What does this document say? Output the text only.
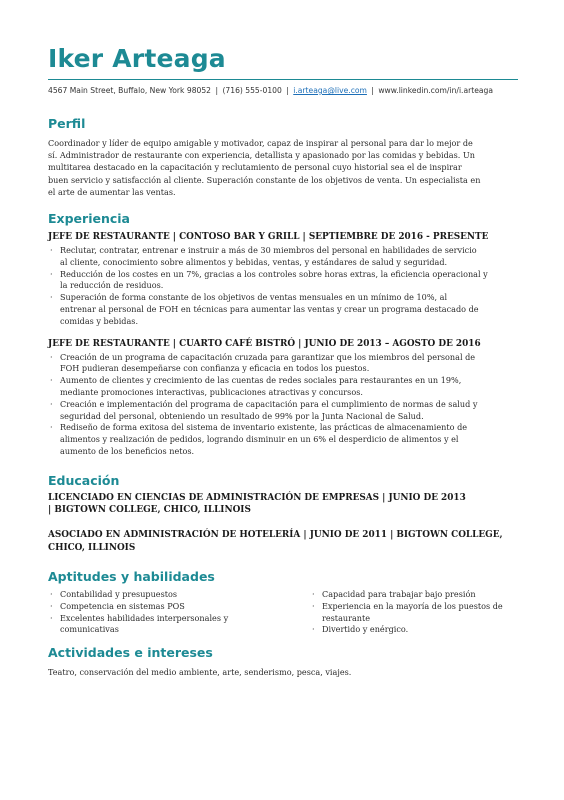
Iker Arteaga
4567 Main Street, Buffalo, New York 98052 | (716) 555-0100 | i.arteaga@live.com | www.linkedin.com/in/i.arteaga
Perfil
Coordinador y líder de equipo amigable y motivador, capaz de inspirar al personal para dar lo mejor de
sí. Administrador de restaurante con experiencia, detallista y apasionado por las comidas y bebidas. Un
multitarea destacado en la capacitación y reclutamiento de personal cuyo historial sea el de inspirar
buen servicio y satisfacción al cliente. Superación constante de los objetivos de venta. Un especialista en
el arte de aumentar las ventas.
Experiencia
JEFE DE RESTAURANTE | CONTOSO BAR Y GRILL | SEPTIEMBRE DE 2016 - PRESENTE
· Reclutar, contratar, entrenar e instruir a más de 30 miembros del personal en habilidades de servicio
al cliente, conocimiento sobre alimentos y bebidas, ventas, y estándares de salud y seguridad.
· Reducción de los costes en un 7%, gracias a los controles sobre horas extras, la eficiencia operacional y
la reducción de residuos.
· Superación de forma constante de los objetivos de ventas mensuales en un mínimo de 10%, al
entrenar al personal de FOH en técnicas para aumentar las ventas y crear un programa destacado de
comidas y bebidas.
JEFE DE RESTAURANTE | CUARTO CAFÉ BISTRÓ | JUNIO DE 2013 – AGOSTO DE 2016
· Creación de un programa de capacitación cruzada para garantizar que los miembros del personal de
FOH pudieran desempeñarse con confianza y eficacia en todos los puestos.
· Aumento de clientes y crecimiento de las cuentas de redes sociales para restaurantes en un 19%,
mediante promociones interactivas, publicaciones atractivas y concursos.
· Creación e implementación del programa de capacitación para el cumplimiento de normas de salud y
seguridad del personal, obteniendo un resultado de 99% por la Junta Nacional de Salud.
· Rediseño de forma exitosa del sistema de inventario existente, las prácticas de almacenamiento de
alimentos y realización de pedidos, logrando disminuir en un 6% el desperdicio de alimentos y el
aumento de los beneficios netos.
Educación
LICENCIADO EN CIENCIAS DE ADMINISTRACIÓN DE EMPRESAS | JUNIO DE 2013
| BIGTOWN COLLEGE, CHICO, ILLINOIS
ASOCIADO EN ADMINISTRACIÓN DE HOTELERÍA | JUNIO DE 2011 | BIGTOWN COLLEGE,
CHICO, ILLINOIS
Aptitudes y habilidades
· Contabilidad y presupuestos
· Competencia en sistemas POS
· Excelentes habilidades interpersonales y
comunicativas
· Capacidad para trabajar bajo presión
· Experiencia en la mayoría de los puestos de
restaurante
· Divertido y enérgico.
Actividades e intereses
Teatro, conservación del medio ambiente, arte, senderismo, pesca, viajes.
